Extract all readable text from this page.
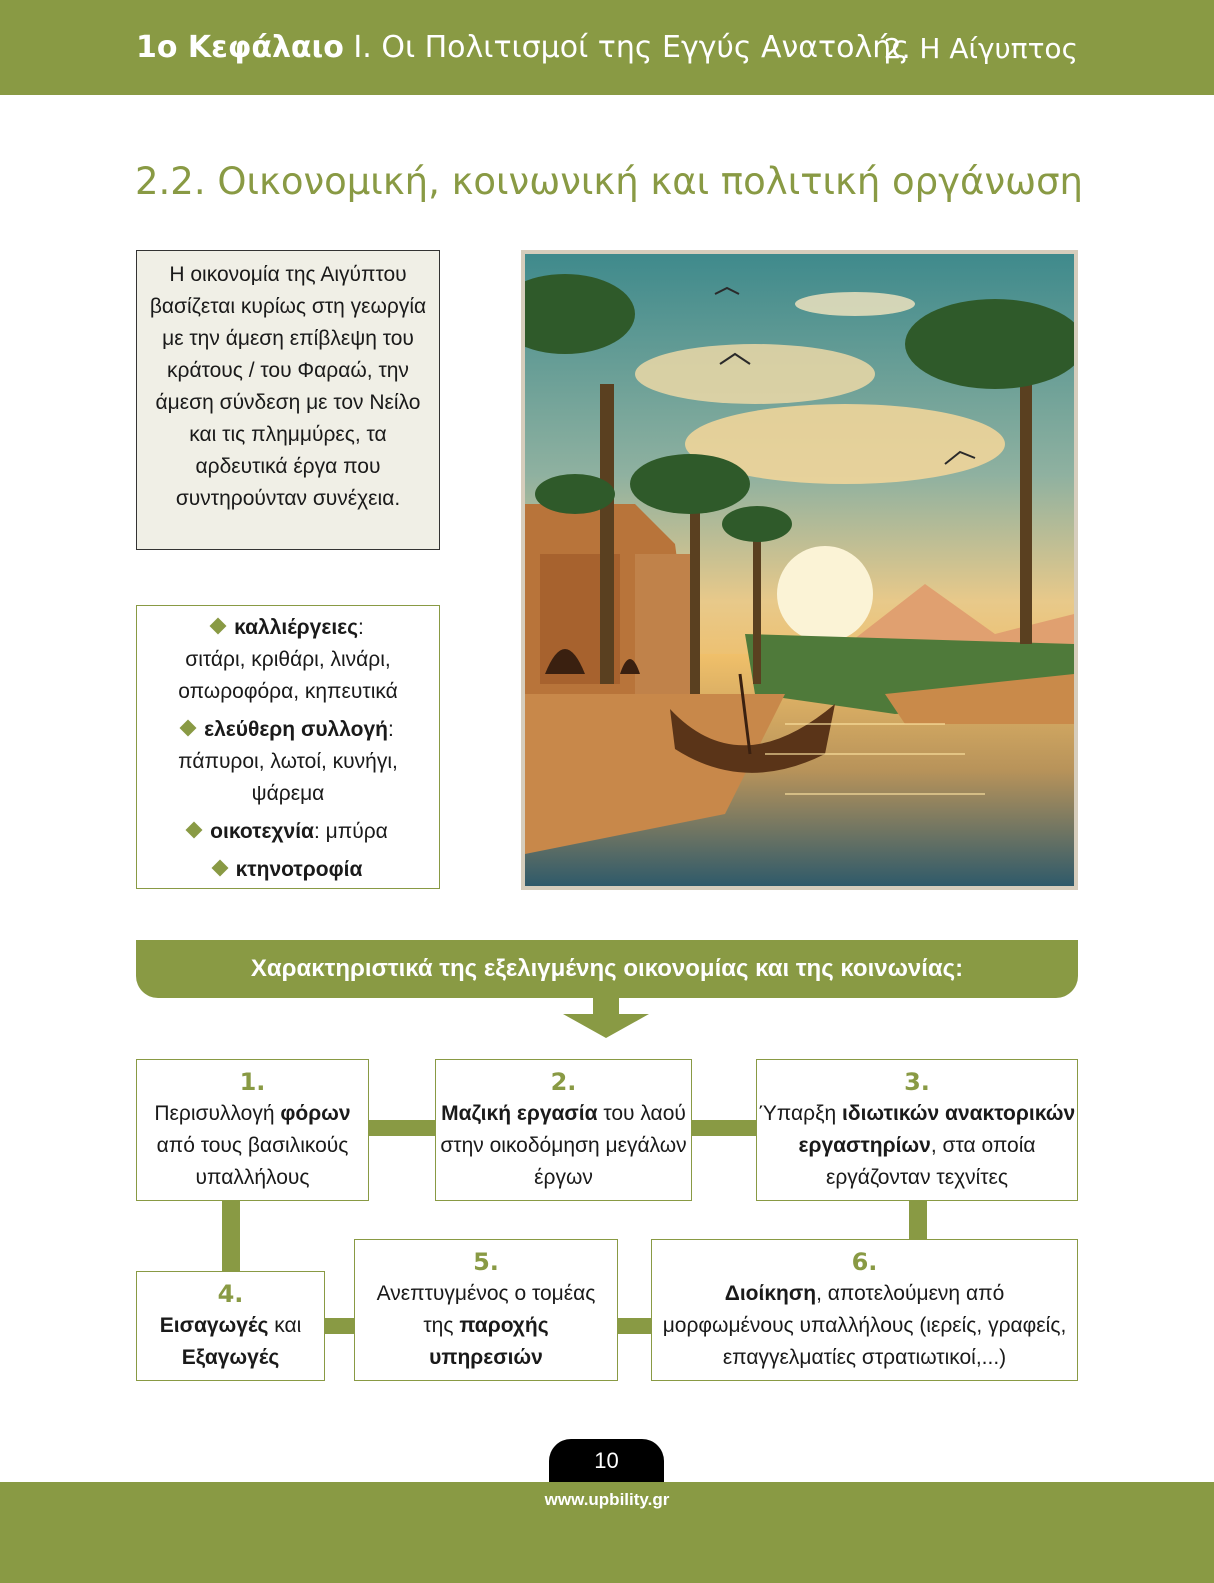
1ο Κεφάλαιο Ι. Οι Πολιτισμοί της Εγγύς Ανατολής
2. Η Αίγυπτος
2.2. Οικονομική, κοινωνική και πολιτική οργάνωση
Η οικονομία της Αιγύπτου βασίζεται κυρίως στη γεωργία με την άμεση επίβλεψη του κράτους / του Φαραώ, την άμεση σύνδεση με τον Νείλο και τις πλημμύρες, τα αρδευτικά έργα που συντηρούνταν συνέχεια.
καλλιέργειες:
σιτάρι, κριθάρι, λινάρι, οπωροφόρα, κηπευτικά
ελεύθερη συλλογή:
πάπυροι, λωτοί, κυνήγι, ψάρεμα
οικοτεχνία: μπύρα
κτηνοτροφία
Χαρακτηριστικά της εξελιγμένης οικονομίας και της κοινωνίας:
1.
Περισυλλογή φόρων από τους βασιλικούς υπαλλήλους
2.
Μαζική εργασία του λαού στην οικοδόμηση μεγάλων έργων
3.
Ύπαρξη ιδιωτικών ανακτορικών εργαστηρίων, στα οποία εργάζονταν τεχνίτες
4.
Εισαγωγές και
Εξαγωγές
5.
Ανεπτυγμένος ο τομέας της παροχής υπηρεσιών
6.
Διοίκηση, αποτελούμενη από μορφωμένους υπαλλήλους (ιερείς, γραφείς, επαγγελματίες στρατιωτικοί,...)
10
www.upbility.gr
